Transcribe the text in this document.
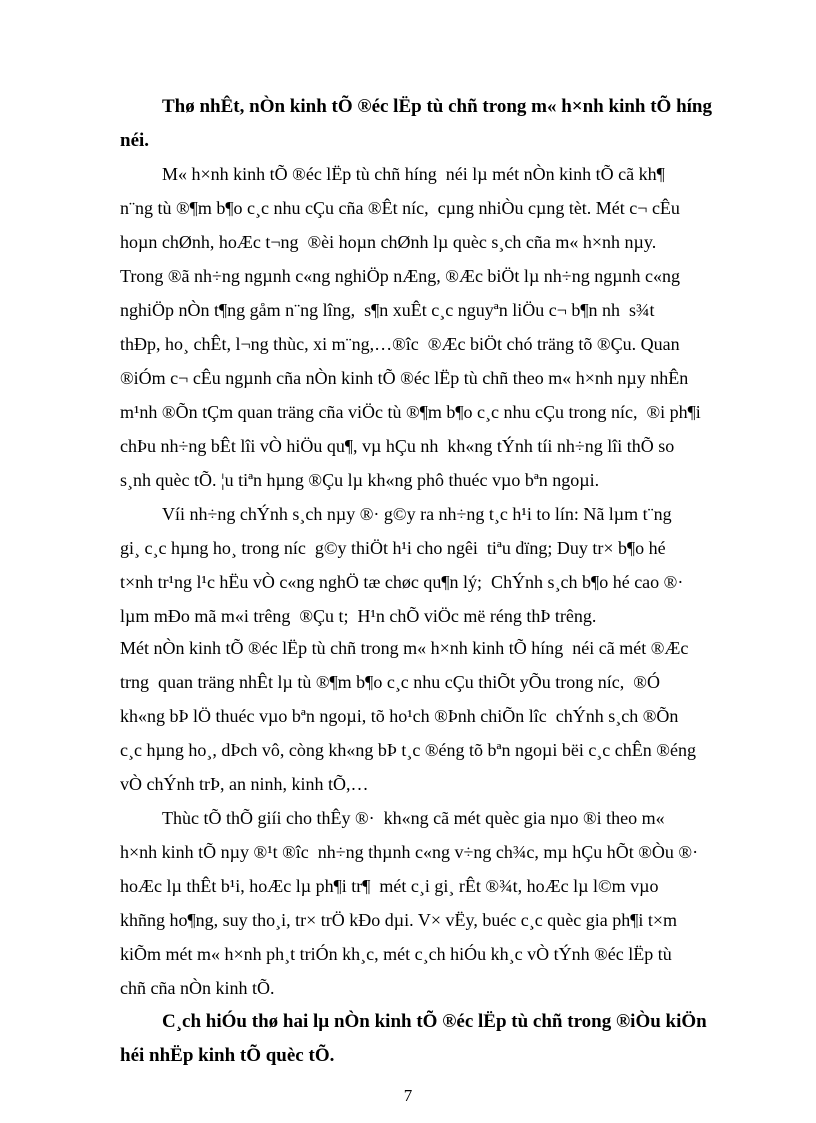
Thø nhÊt, nÒn kinh tÕ ®éc lËp tù chñ trong m« h×nh kinh tÕ híng
néi.
M« h×nh kinh tÕ ®éc lËp tù chñ híng  néi lµ mét nÒn kinh tÕ cã kh¶
n¨ng tù ®¶m b¶o c¸c nhu cÇu cña ®Êt níc,  cµng nhiÒu cµng tèt. Mét c¬ cÊu
hoµn chØnh, hoÆc t¬ng  ®èi hoµn chØnh lµ quèc s¸ch cña m« h×nh nµy.
Trong ®ã nh÷ng ngµnh c«ng nghiÖp nÆng, ®Æc biÖt lµ nh÷ng ngµnh c«ng
nghiÖp nÒn t¶ng gåm n¨ng lîng,  s¶n xuÊt c¸c nguyªn liÖu c¬ b¶n nh  s¾t
thÐp, ho¸ chÊt, l¬ng thùc, xi m¨ng,…®îc  ®Æc biÖt chó träng tõ ®Çu. Quan
®iÓm c¬ cÊu ngµnh cña nÒn kinh tÕ ®éc lËp tù chñ theo m« h×nh nµy nhÊn
m¹nh ®Õn tÇm quan träng cña viÖc tù ®¶m b¶o c¸c nhu cÇu trong níc,  ®i ph¶i
chÞu nh÷ng bÊt lîi vÒ hiÖu qu¶, vµ hÇu nh  kh«ng tÝnh tíi nh÷ng lîi thÕ so
s¸nh quèc tÕ. ¦u tiªn hµng ®Çu lµ kh«ng phô thuéc vµo bªn ngoµi.
Víi nh÷ng chÝnh s¸ch nµy ®· g©y ra nh÷ng t¸c h¹i to lín: Nã lµm t¨ng
gi¸ c¸c hµng ho¸ trong níc  g©y thiÖt h¹i cho ngêi  tiªu dïng; Duy tr× b¶o hé
t×nh tr¹ng l¹c hËu vÒ c«ng nghÖ tæ chøc qu¶n lý;  ChÝnh s¸ch b¶o hé cao ®·
lµm mÐo mã m«i trêng  ®Çu t;  H¹n chÕ viÖc më réng thÞ trêng.
Mét nÒn kinh tÕ ®éc lËp tù chñ trong m« h×nh kinh tÕ híng  néi cã mét ®Æc
trng  quan träng nhÊt lµ tù ®¶m b¶o c¸c nhu cÇu thiÕt yÕu trong níc,  ®Ó
kh«ng bÞ lÖ thuéc vµo bªn ngoµi, tõ ho¹ch ®Þnh chiÕn lîc  chÝnh s¸ch ®Õn
c¸c hµng ho¸, dÞch vô, còng kh«ng bÞ t¸c ®éng tõ bªn ngoµi bëi c¸c chÊn ®éng
vÒ chÝnh trÞ, an ninh, kinh tÕ,…
Thùc tÕ thÕ giíi cho thÊy ®·  kh«ng cã mét quèc gia nµo ®i theo m«
h×nh kinh tÕ nµy ®¹t ®îc  nh÷ng thµnh c«ng v÷ng ch¾c, mµ hÇu hÕt ®Òu ®·
hoÆc lµ thÊt b¹i, hoÆc lµ ph¶i tr¶  mét c¸i gi¸ rÊt ®¾t, hoÆc lµ l©m vµo
khñng ho¶ng, suy tho¸i, tr× trÖ kÐo dµi. V× vËy, buéc c¸c quèc gia ph¶i t×m
kiÕm mét m« h×nh ph¸t triÓn kh¸c, mét c¸ch hiÓu kh¸c vÒ tÝnh ®éc lËp tù
chñ cña nÒn kinh tÕ.
C¸ch hiÓu thø hai lµ nÒn kinh tÕ ®éc lËp tù chñ trong ®iÒu kiÖn
héi nhËp kinh tÕ quèc tÕ.
7
